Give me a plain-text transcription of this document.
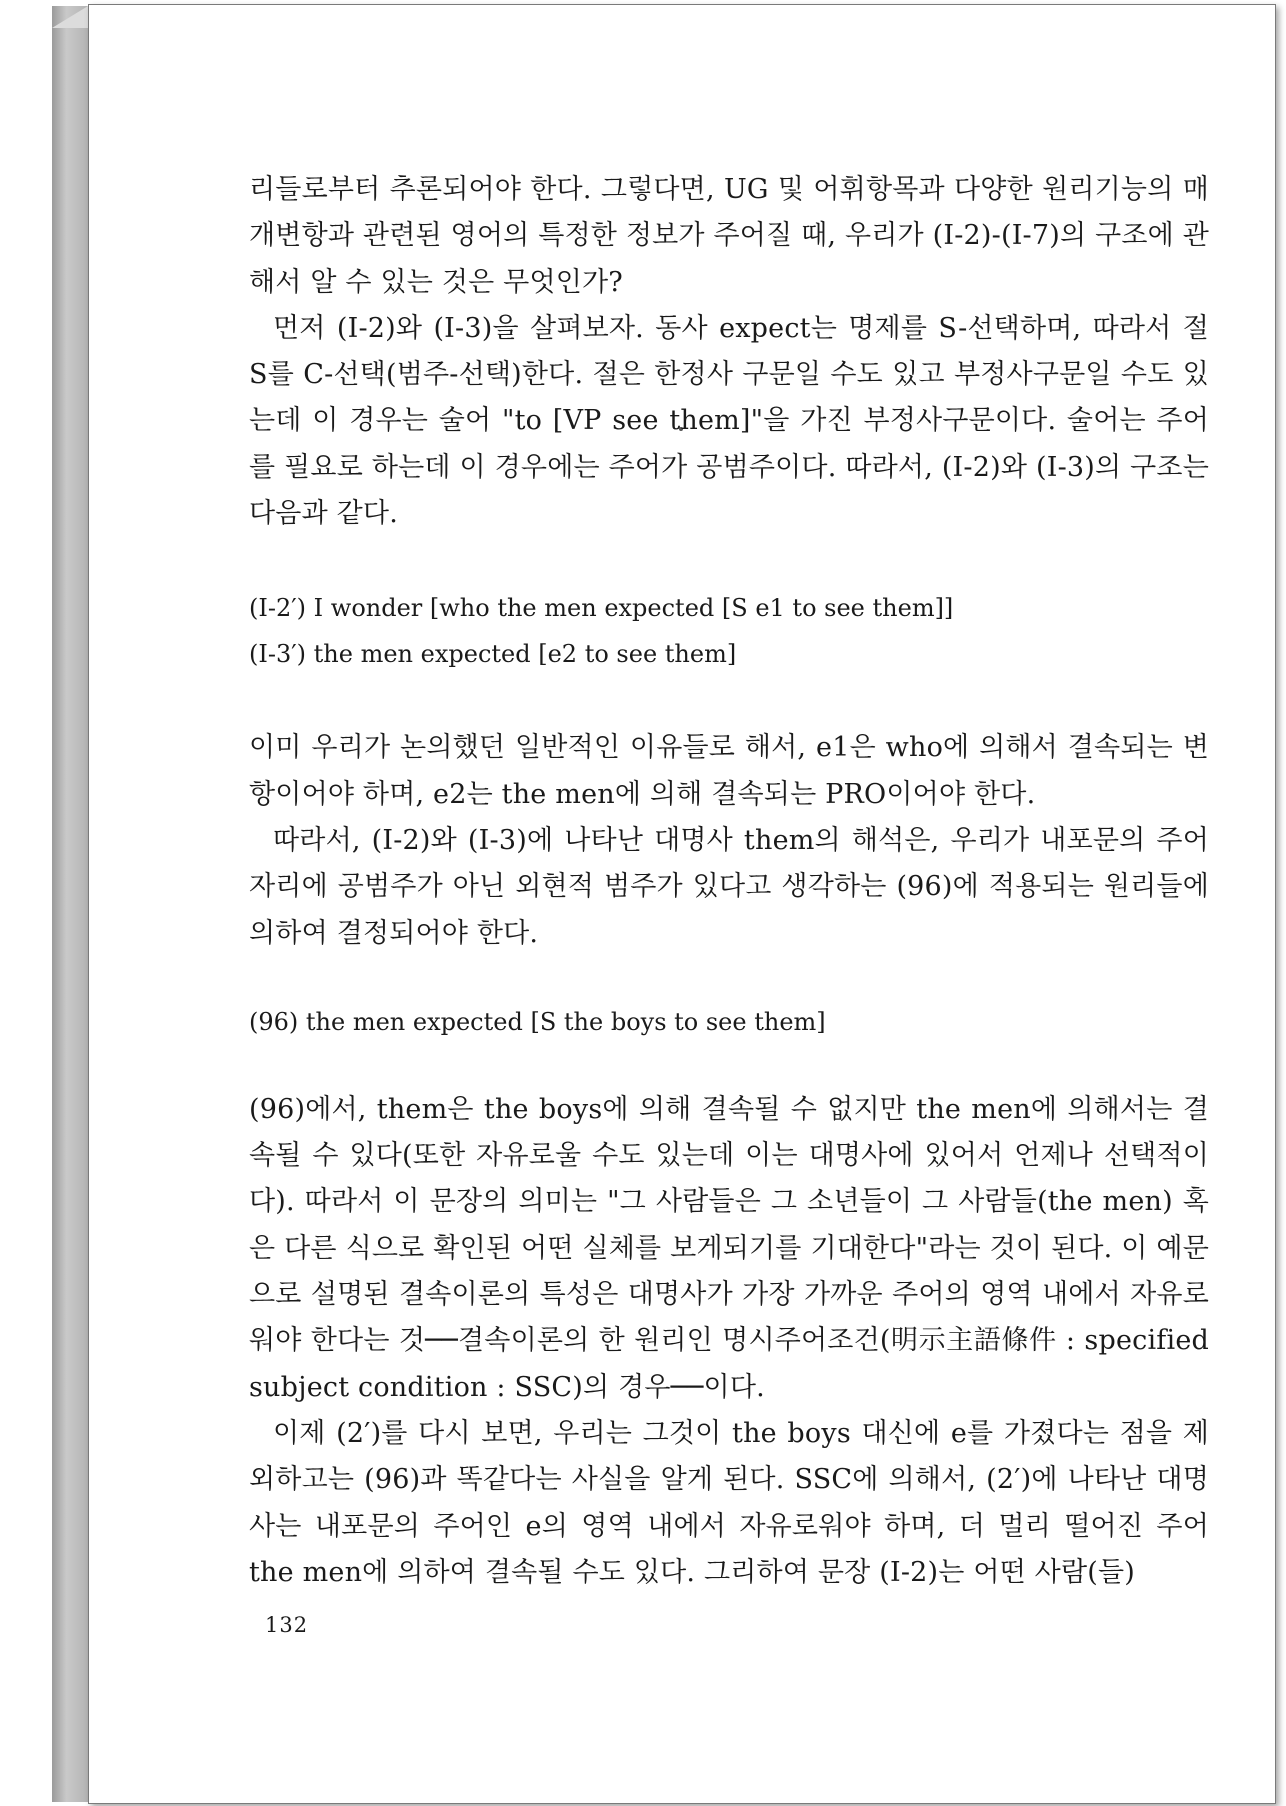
리들로부터 추론되어야 한다. 그렇다면, UG 및 어휘항목과 다양한 원리기능의 매개변항과 관련된 영어의 특정한 정보가 주어질 때, 우리가 (I-2)-(I-7)의 구조에 관해서 알 수 있는 것은 무엇인가?

먼저 (I-2)와 (I-3)을 살펴보자. 동사 expect는 명제를 S-선택하며, 따라서 절 S를 C-선택(범주-선택)한다. 절은 한정사 구문일 수도 있고 부정사구문일 수도 있는데 이 경우는 술어 "to [VP see them]"을 가진 부정사구문이다. 술어는 주어를 필요로 하는데 이 경우에는 주어가 공범주이다. 따라서, (I-2)와 (I-3)의 구조는 다음과 같다.

(I-2′) I wonder [who the men expected [S e1 to see them]]

(I-3′) the men expected [e2 to see them]

이미 우리가 논의했던 일반적인 이유들로 해서, e1은 who에 의해서 결속되는 변항이어야 하며, e2는 the men에 의해 결속되는 PRO이어야 한다.

따라서, (I-2)와 (I-3)에 나타난 대명사 them의 해석은, 우리가 내포문의 주어자리에 공범주가 아닌 외현적 범주가 있다고 생각하는 (96)에 적용되는 원리들에 의하여 결정되어야 한다.

(96) the men expected [S the boys to see them]

(96)에서, them은 the boys에 의해 결속될 수 없지만 the men에 의해서는 결속될 수 있다(또한 자유로울 수도 있는데 이는 대명사에 있어서 언제나 선택적이다). 따라서 이 문장의 의미는 "그 사람들은 그 소년들이 그 사람들(the men) 혹은 다른 식으로 확인된 어떤 실체를 보게되기를 기대한다"라는 것이 된다. 이 예문으로 설명된 결속이론의 특성은 대명사가 가장 가까운 주어의 영역 내에서 자유로워야 한다는 것──결속이론의 한 원리인 명시주어조건(明示主語條件 : specified subject condition : SSC)의 경우──이다.

이제 (2′)를 다시 보면, 우리는 그것이 the boys 대신에 e를 가졌다는 점을 제외하고는 (96)과 똑같다는 사실을 알게 된다. SSC에 의해서, (2′)에 나타난 대명사는 내포문의 주어인 e의 영역 내에서 자유로워야 하며, 더 멀리 떨어진 주어 the men에 의하여 결속될 수도 있다. 그리하여 문장 (I-2)는 어떤 사람(들)

132
